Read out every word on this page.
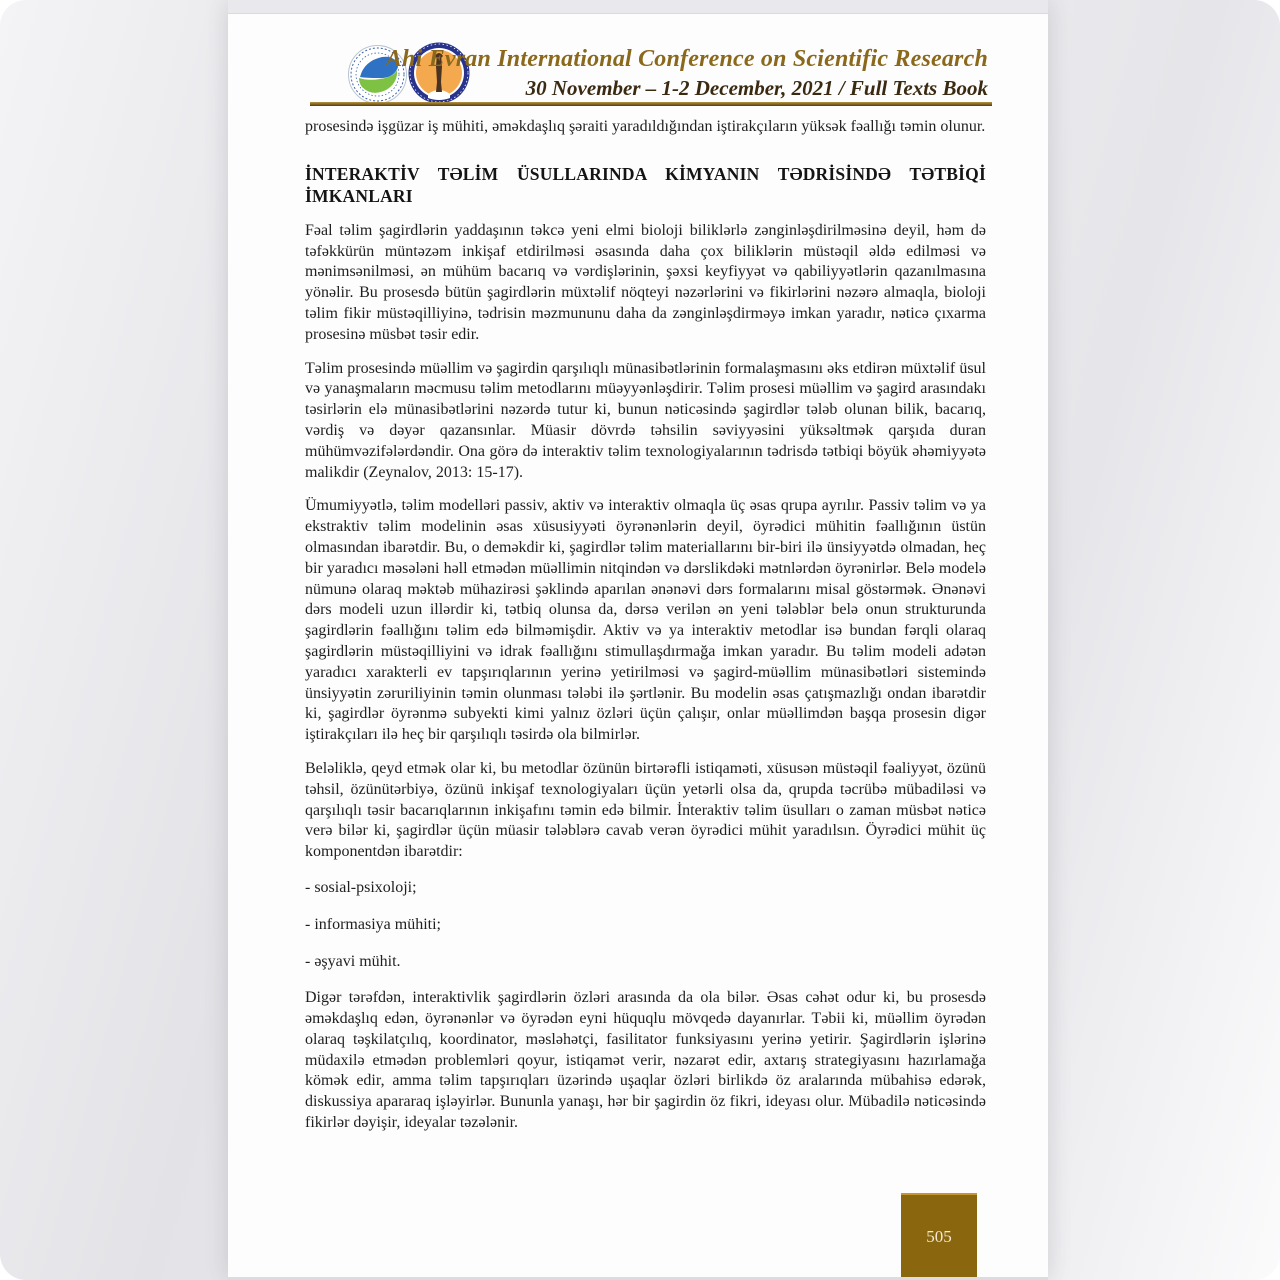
Ahi Evran International Conference on Scientific Research
30 November – 1-2 December, 2021 / Full Texts Book

prosesində işgüzar iş mühiti, əməkdaşlıq şəraiti yaradıldığından iştirakçıların yüksək fəallığı təmin olunur.

İNTERAKTİV TƏLİM ÜSULLARINDA KİMYANIN TƏDRİSİNDƏ TƏTBİQİ İMKANLARI

Fəal təlim şagirdlərin yaddaşının təkcə yeni elmi bioloji biliklərlə zənginləşdirilməsinə deyil, həm də təfəkkürün müntəzəm inkişaf etdirilməsi əsasında daha çox biliklərin müstəqil əldə edilməsi və mənimsənilməsi, ən mühüm bacarıq və vərdişlərinin, şəxsi keyfiyyət və qabiliyyətlərin qazanılmasına yönəlir. Bu prosesdə bütün şagirdlərin müxtəlif nöqteyi nəzərlərini və fikirlərini nəzərə almaqla, bioloji təlim fikir müstəqilliyinə, tədrisin məzmununu daha da zənginləşdirməyə imkan yaradır, nəticə çıxarma prosesinə müsbət təsir edir.

Təlim prosesində müəllim və şagirdin qarşılıqlı münasibətlərinin formalaşmasını əks etdirən müxtəlif üsul və yanaşmaların məcmusu təlim metodlarını müəyyənləşdirir. Təlim prosesi müəllim və şagird arasındakı təsirlərin elə münasibətlərini nəzərdə tutur ki, bunun nəticəsində şagirdlər tələb olunan bilik, bacarıq, vərdiş və dəyər qazansınlar. Müasir dövrdə təhsilin səviyyəsini yüksəltmək qarşıda duran mühümvəzifələrdəndir. Ona görə də interaktiv təlim texnologiyalarının tədrisdə tətbiqi böyük əhəmiyyətə malikdir (Zeynalov, 2013: 15-17).

Ümumiyyətlə, təlim modelləri passiv, aktiv və interaktiv olmaqla üç əsas qrupa ayrılır. Passiv təlim və ya ekstraktiv təlim modelinin əsas xüsusiyyəti öyrənənlərin deyil, öyrədici mühitin fəallığının üstün olmasından ibarətdir. Bu, o deməkdir ki, şagirdlər təlim materiallarını bir-biri ilə ünsiyyətdə olmadan, heç bir yaradıcı məsələni həll etmədən müəllimin nitqindən və dərslikdəki mətnlərdən öyrənirlər. Belə modelə nümunə olaraq məktəb mühazirəsi şəklində aparılan ənənəvi dərs formalarını misal göstərmək. Ənənəvi dərs modeli uzun illərdir ki, tətbiq olunsa da, dərsə verilən ən yeni tələblər belə onun strukturunda şagirdlərin fəallığını təlim edə bilməmişdir. Aktiv və ya interaktiv metodlar isə bundan fərqli olaraq şagirdlərin müstəqilliyini və idrak fəallığını stimullaşdırmağa imkan yaradır. Bu təlim modeli adətən yaradıcı xarakterli ev tapşırıqlarının yerinə yetirilməsi və şagird-müəllim münasibətləri sistemində ünsiyyətin zəruriliyinin təmin olunması tələbi ilə şərtlənir. Bu modelin əsas çatışmazlığı ondan ibarətdir ki, şagirdlər öyrənmə subyekti kimi yalnız özləri üçün çalışır, onlar müəllimdən başqa prosesin digər iştirakçıları ilə heç bir qarşılıqlı təsirdə ola bilmirlər.

Beləliklə, qeyd etmək olar ki, bu metodlar özünün birtərəfli istiqaməti, xüsusən müstəqil fəaliyyət, özünü təhsil, özünütərbiyə, özünü inkişaf texnologiyaları üçün yetərli olsa da, qrupda təcrübə mübadiləsi və qarşılıqlı təsir bacarıqlarının inkişafını təmin edə bilmir. İnteraktiv təlim üsulları o zaman müsbət nəticə verə bilər ki, şagirdlər üçün müasir tələblərə cavab verən öyrədici mühit yaradılsın. Öyrədici mühit üç komponentdən ibarətdir:

- sosial-psixoloji;
- informasiya mühiti;
- əşyavi mühit.

Digər tərəfdən, interaktivlik şagirdlərin özləri arasında da ola bilər. Əsas cəhət odur ki, bu prosesdə əməkdaşlıq edən, öyrənənlər və öyrədən eyni hüquqlu mövqedə dayanırlar. Təbii ki, müəllim öyrədən olaraq təşkilatçılıq, koordinator, məsləhətçi, fasilitator funksiyasını yerinə yetirir. Şagirdlərin işlərinə müdaxilə etmədən problemləri qoyur, istiqamət verir, nəzarət edir, axtarış strategiyasını hazırlamağa kömək edir, amma təlim tapşırıqları üzərində uşaqlar özləri birlikdə öz aralarında mübahisə edərək, diskussiya apararaq işləyirlər. Bununla yanaşı, hər bir şagirdin öz fikri, ideyası olur. Mübadilə nəticəsində fikirlər dəyişir, ideyalar təzələnir.

505
